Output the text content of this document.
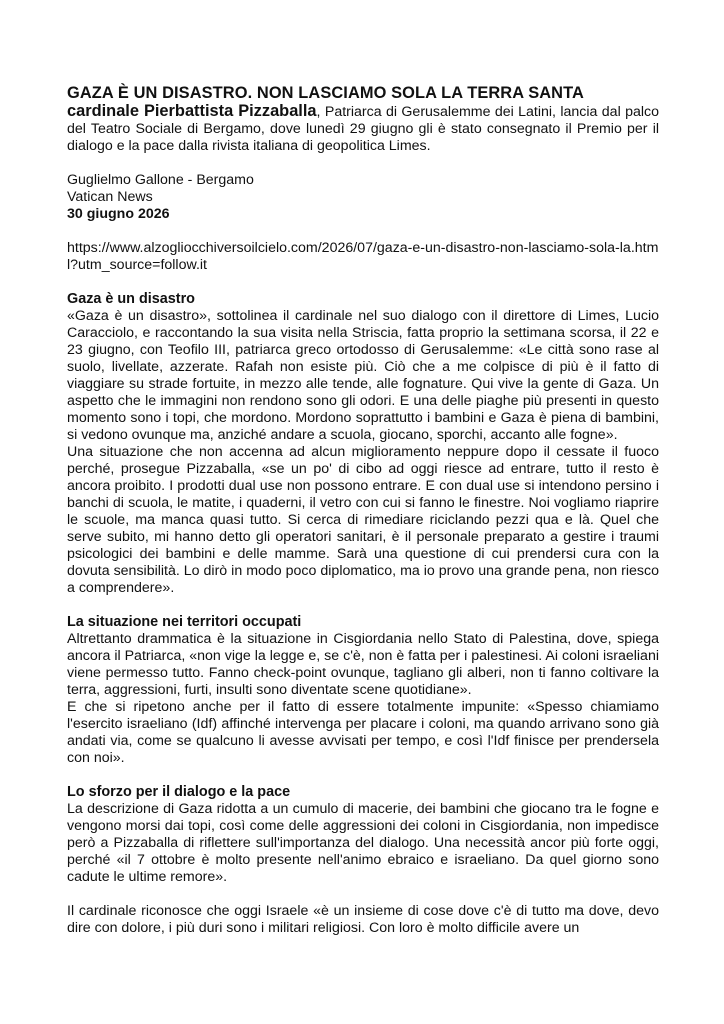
GAZA È UN DISASTRO. NON LASCIAMO SOLA LA TERRA SANTA

cardinale Pierbattista Pizzaballa, Patriarca di Gerusalemme dei Latini, lancia dal palco del Teatro Sociale di Bergamo, dove lunedì 29 giugno gli è stato consegnato il Premio per il dialogo e la pace dalla rivista italiana di geopolitica Limes.

Guglielmo Gallone - Bergamo
Vatican News
30 giugno 2026
https://www.alzogliocchiversoilcielo.com/2026/07/gaza-e-un-disastro-non-lasciamo-sola-la.html?utm_source=follow.it
Gaza è un disastro

«Gaza è un disastro», sottolinea il cardinale nel suo dialogo con il direttore di Limes, Lucio Caracciolo, e raccontando la sua visita nella Striscia, fatta proprio la settimana scorsa, il 22 e 23 giugno, con Teofilo III, patriarca greco ortodosso di Gerusalemme: «Le città sono rase al suolo, livellate, azzerate. Rafah non esiste più. Ciò che a me colpisce di più è il fatto di viaggiare su strade fortuite, in mezzo alle tende, alle fognature. Qui vive la gente di Gaza. Un aspetto che le immagini non rendono sono gli odori. E una delle piaghe più presenti in questo momento sono i topi, che mordono. Mordono soprattutto i bambini e Gaza è piena di bambini, si vedono ovunque ma, anziché andare a scuola, giocano, sporchi, accanto alle fogne».

Una situazione che non accenna ad alcun miglioramento neppure dopo il cessate il fuoco perché, prosegue Pizzaballa, «se un po' di cibo ad oggi riesce ad entrare, tutto il resto è ancora proibito. I prodotti dual use non possono entrare. E con dual use si intendono persino i banchi di scuola, le matite, i quaderni, il vetro con cui si fanno le finestre. Noi vogliamo riaprire le scuole, ma manca quasi tutto. Si cerca di rimediare riciclando pezzi qua e là. Quel che serve subito, mi hanno detto gli operatori sanitari, è il personale preparato a gestire i traumi psicologici dei bambini e delle mamme. Sarà una questione di cui prendersi cura con la dovuta sensibilità. Lo dirò in modo poco diplomatico, ma io provo una grande pena, non riesco a comprendere».

La situazione nei territori occupati

Altrettanto drammatica è la situazione in Cisgiordania nello Stato di Palestina, dove, spiega ancora il Patriarca, «non vige la legge e, se c'è, non è fatta per i palestinesi. Ai coloni israeliani viene permesso tutto. Fanno check-point ovunque, tagliano gli alberi, non ti fanno coltivare la terra, aggressioni, furti, insulti sono diventate scene quotidiane».

E che si ripetono anche per il fatto di essere totalmente impunite: «Spesso chiamiamo l'esercito israeliano (Idf) affinché intervenga per placare i coloni, ma quando arrivano sono già andati via, come se qualcuno li avesse avvisati per tempo, e così l'Idf finisce per prendersela con noi».

Lo sforzo per il dialogo e la pace

La descrizione di Gaza ridotta a un cumulo di macerie, dei bambini che giocano tra le fogne e vengono morsi dai topi, così come delle aggressioni dei coloni in Cisgiordania, non impedisce però a Pizzaballa di riflettere sull'importanza del dialogo. Una necessità ancor più forte oggi, perché «il 7 ottobre è molto presente nell'animo ebraico e israeliano. Da quel giorno sono cadute le ultime remore».

Il cardinale riconosce che oggi Israele «è un insieme di cose dove c'è di tutto ma dove, devo dire con dolore, i più duri sono i militari religiosi. Con loro è molto difficile avere un
